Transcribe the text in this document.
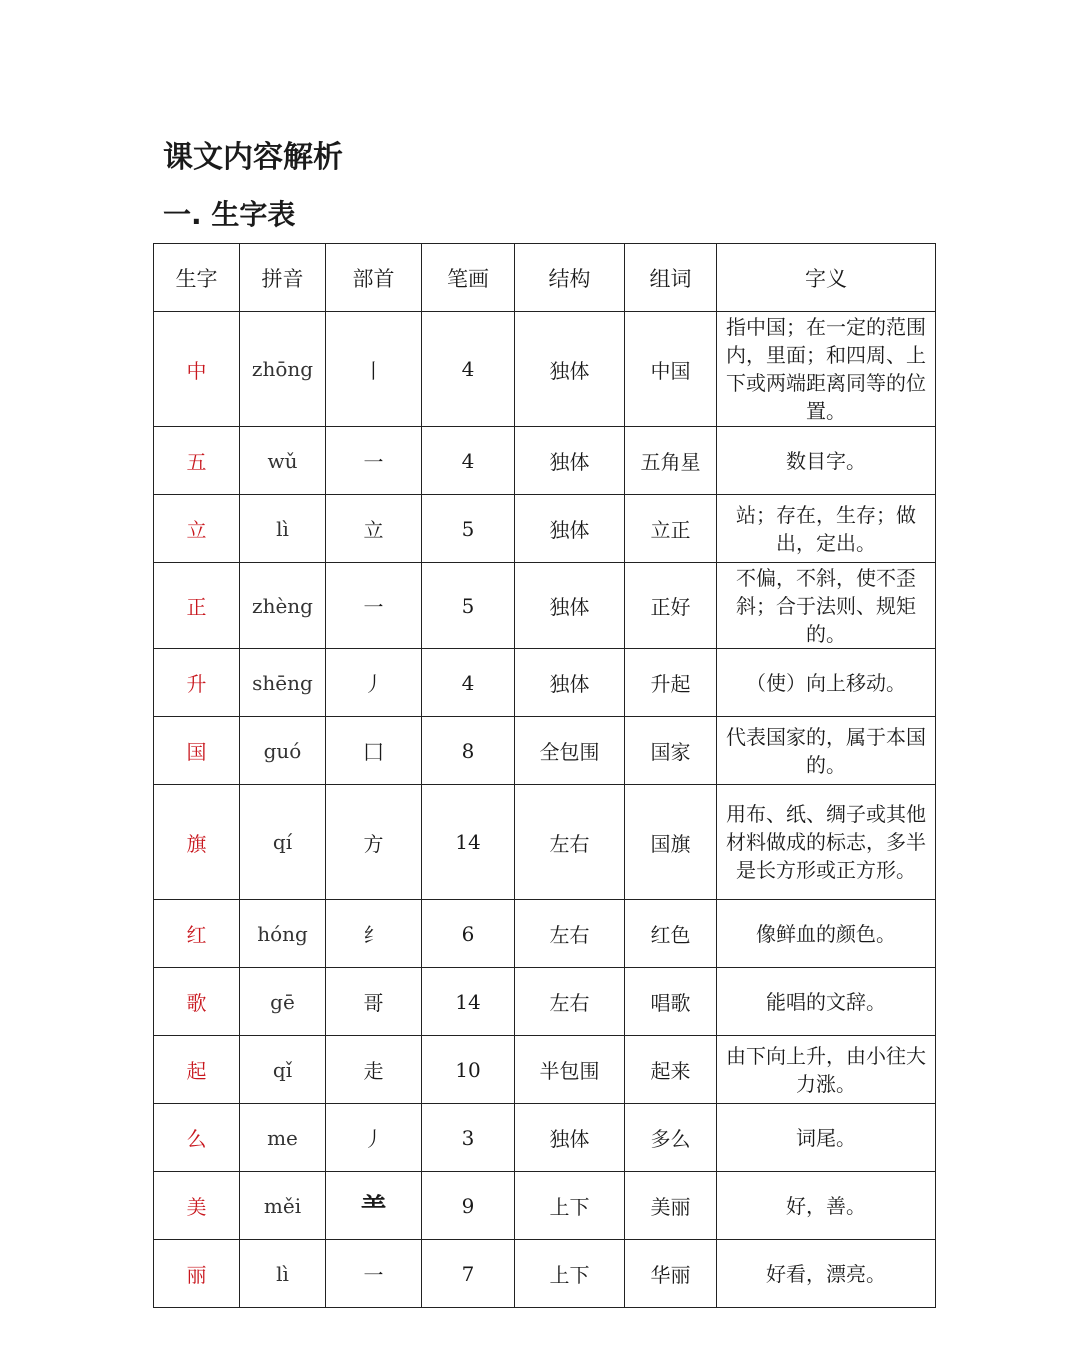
课文内容解析
一. 生字表
生字	拼音	部首	笔画	结构	组词	字义
中	zhōng	丨	4	独体	中国	指中国；在一定的范围内，里面；和四周、上下或两端距离同等的位置。
五	wǔ	一	4	独体	五角星	数目字。
立	lì	立	5	独体	立正	站；存在，生存；做出，定出。
正	zhèng	一	5	独体	正好	不偏，不斜，使不歪斜；合于法则、规矩的。
升	shēng	丿	4	独体	升起	（使）向上移动。
国	guó	囗	8	全包围	国家	代表国家的，属于本国的。
旗	qí	方	14	左右	国旗	用布、纸、绸子或其他材料做成的标志，多半是长方形或正方形。
红	hóng	纟	6	左右	红色	像鲜血的颜色。
歌	gē	哥	14	左右	唱歌	能唱的文辞。
起	qǐ	走	10	半包围	起来	由下向上升，由小往大力涨。
么	me	丿	3	独体	多么	词尾。
美	měi	⺷	9	上下	美丽	好，善。
丽	lì	一	7	上下	华丽	好看，漂亮。
